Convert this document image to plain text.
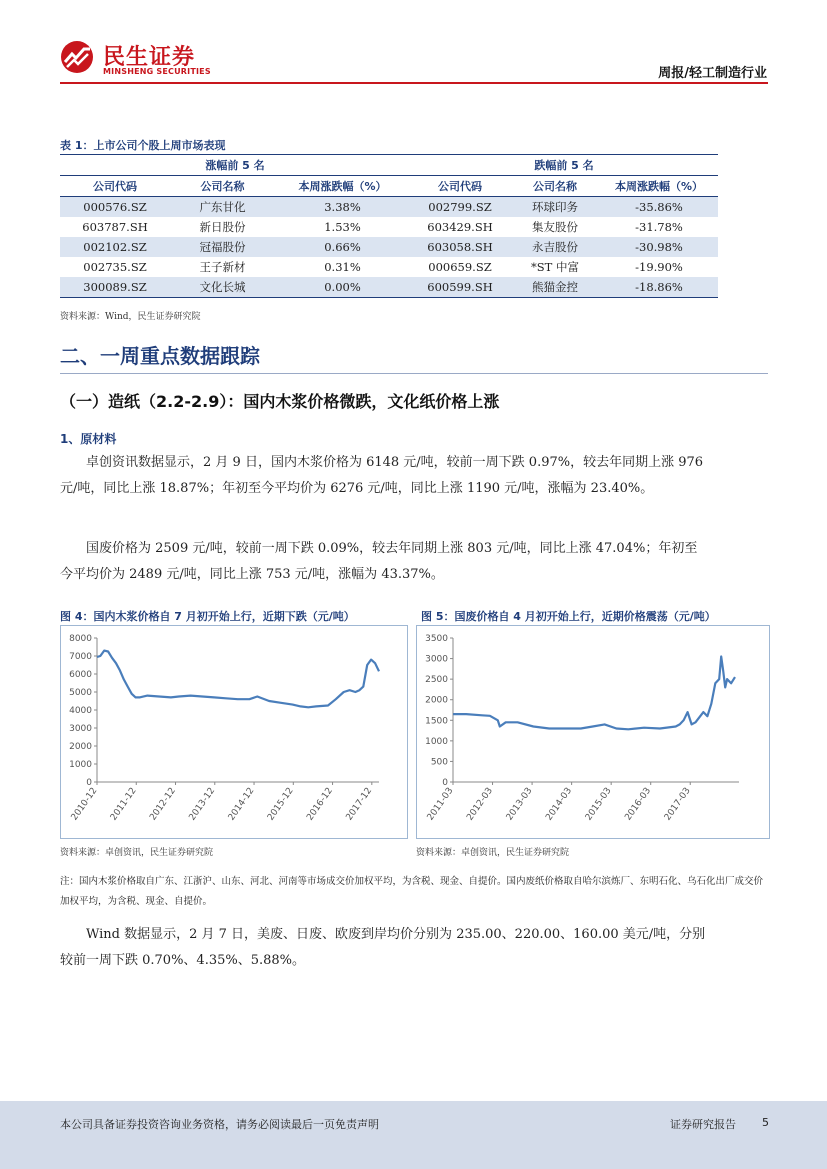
民生证券
MINSHENG SECURITIES	周报/轻工制造行业
表 1：上市公司个股上周市场表现
涨幅前 5 名			跌幅前 5 名		
公司代码	公司名称	本周涨跌幅（%）	公司代码	公司名称	本周涨跌幅（%）
000576.SZ	广东甘化	3.38%	002799.SZ	环球印务	-35.86%
603787.SH	新日股份	1.53%	603429.SH	集友股份	-31.78%
002102.SZ	冠福股份	0.66%	603058.SH	永吉股份	-30.98%
002735.SZ	王子新材	0.31%	000659.SZ	*ST 中富	-19.90%
300089.SZ	文化长城	0.00%	600599.SH	熊猫金控	-18.86%
资料来源：Wind，民生证券研究院
二、一周重点数据跟踪
（一）造纸（2.2-2.9）：国内木浆价格微跌，文化纸价格上涨
1、原材料
卓创资讯数据显示，2 月 9 日，国内木浆价格为 6148 元/吨，较前一周下跌 0.97%，较去年同期上涨 976 元/吨，同比上涨 18.87%；年初至今平均价为 6276 元/吨，同比上涨 1190 元/吨，涨幅为 23.40%。
国废价格为 2509 元/吨，较前一周下跌 0.09%，较去年同期上涨 803 元/吨，同比上涨 47.04%；年初至今平均价为 2489 元/吨，同比上涨 753 元/吨，涨幅为 43.37%。
图 4：国内木浆价格自 7 月初开始上行，近期下跌（元/吨）	图 5：国废价格自 4 月初开始上行，近期价格震荡（元/吨）
0
1000
2000
3000
4000
5000
6000
7000
8000
2010-12 2011-12 2012-12 2013-12 2014-12 2015-12 2016-12 2017-12
资料来源：卓创资讯，民生证券研究院
0
500
1000
1500
2000
2500
3000
3500
2011-03 2012-03 2013-03 2014-03 2015-03 2016-03 2017-03
资料来源：卓创资讯，民生证券研究院
注：国内木浆价格取自广东、江浙沪、山东、河北、河南等市场成交价加权平均，为含税、现金、自提价。国内废纸价格取自哈尔滨炼厂、东明石化、乌石化出厂成交价加权平均，为含税、现金、自提价。
Wind 数据显示，2 月 7 日，美废、日废、欧废到岸均价分别为 235.00、220.00、160.00 美元/吨，分别较前一周下跌 0.70%、4.35%、5.88%。
本公司具备证券投资咨询业务资格，请务必阅读最后一页免责声明	证券研究报告 5
